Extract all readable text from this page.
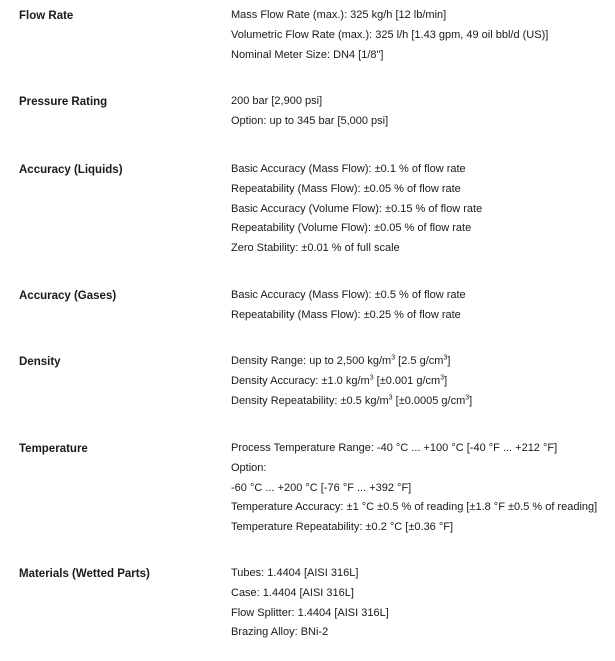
Flow Rate	Mass Flow Rate (max.): 325 kg/h [12 lb/min]
Volumetric Flow Rate (max.): 325 l/h [1.43 gpm, 49 oil bbl/d (US)]
Nominal Meter Size: DN4 [1/8"]
Pressure Rating	200 bar [2,900 psi]
Option: up to 345 bar [5,000 psi]
Accuracy (Liquids)	Basic Accuracy (Mass Flow): ±0.1 % of flow rate
Repeatability (Mass Flow): ±0.05 % of flow rate
Basic Accuracy (Volume Flow): ±0.15 % of flow rate
Repeatability (Volume Flow): ±0.05 % of flow rate
Zero Stability: ±0.01 % of full scale
Accuracy (Gases)	Basic Accuracy (Mass Flow): ±0.5 % of flow rate
Repeatability (Mass Flow): ±0.25 % of flow rate
Density	Density Range: up to 2,500 $kg/m^3$ [2.5 $g/cm^3$]
Density Accuracy: ±1.0 $kg/m^3$ [±0.001 $g/cm^3$]
Density Repeatability: ±0.5 $kg/m^3$ [±0.0005 $g/cm^3$]
Temperature	Process Temperature Range: -40 °C ... +100 °C [-40 °F ... +212 °F]
Option:
-60 °C ... +200 °C [-76 °F ... +392 °F]
Temperature Accuracy: ±1 °C ±0.5 % of reading [±1.8 °F ±0.5 % of reading]
Temperature Repeatability: ±0.2 °C [±0.36 °F]
Materials (Wetted Parts)	Tubes: 1.4404 [AISI 316L]
Case: 1.4404 [AISI 316L]
Flow Splitter: 1.4404 [AISI 316L]
Brazing Alloy: BNi-2
